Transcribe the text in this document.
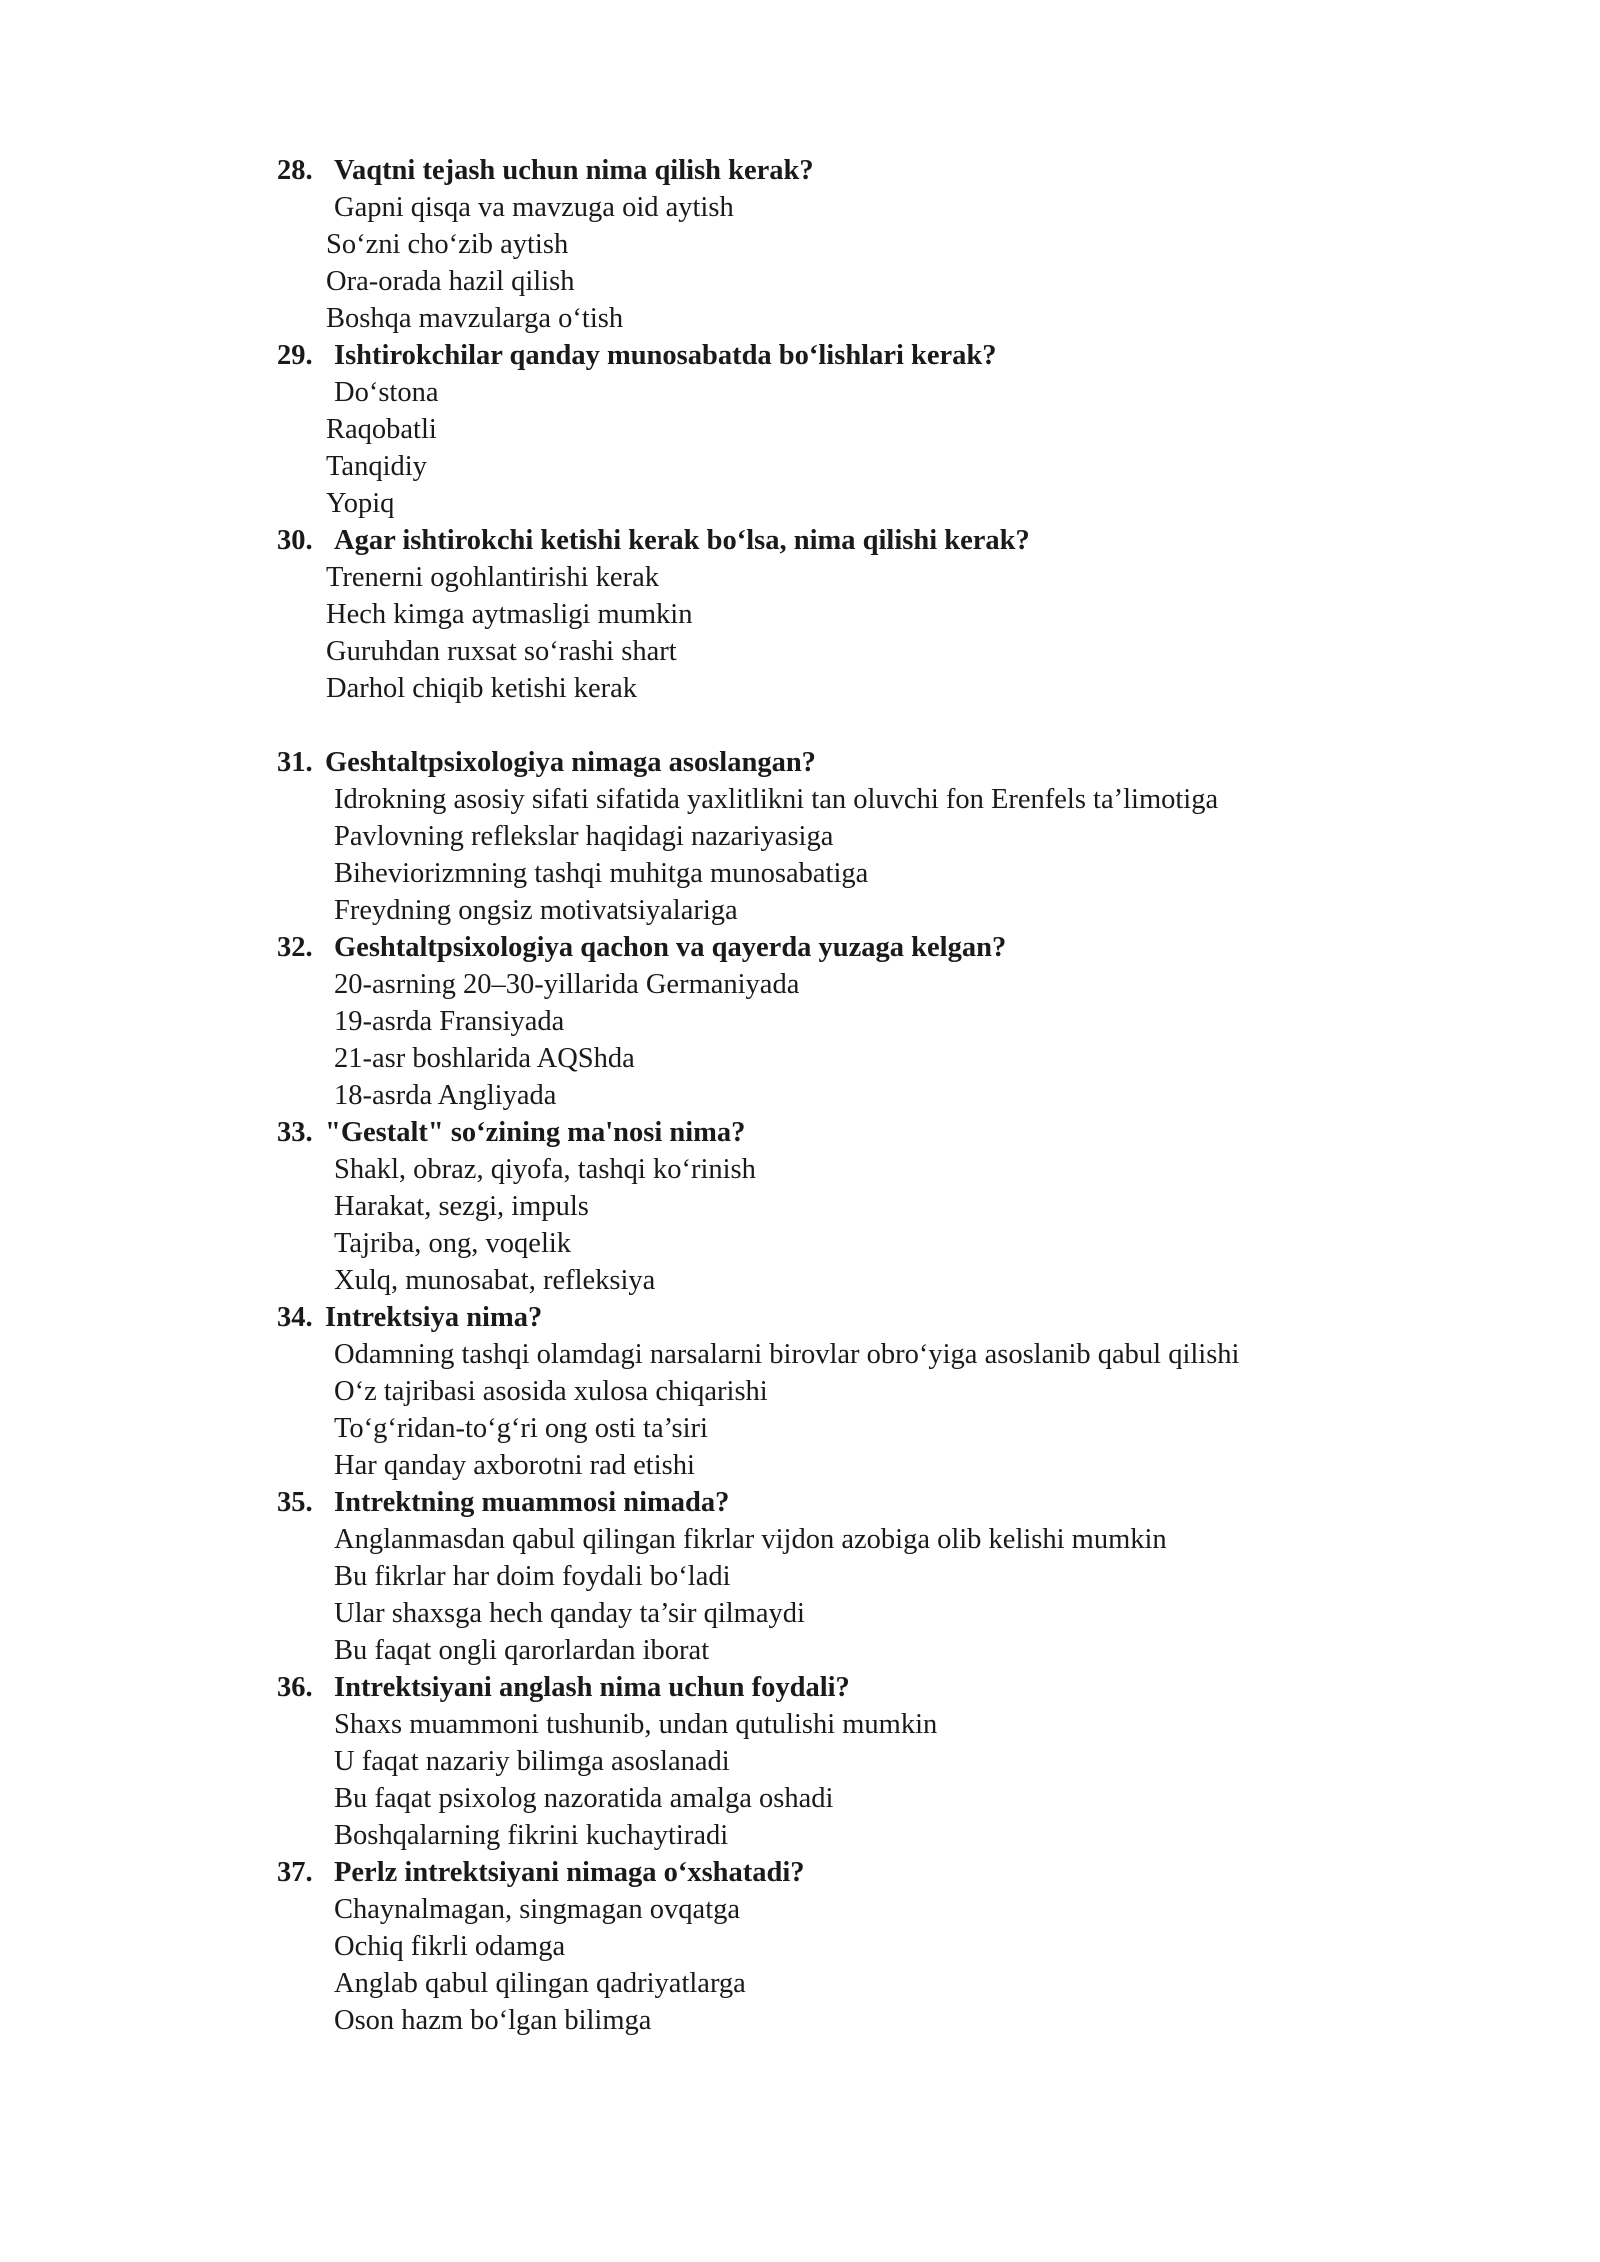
28. Vaqtni tejash uchun nima qilish kerak?
Gapni qisqa va mavzuga oid aytish
So‘zni cho‘zib aytish
Ora-orada hazil qilish
Boshqa mavzularga o‘tish
29. Ishtirokchilar qanday munosabatda bo‘lishlari kerak?
Do‘stona
Raqobatli
Tanqidiy
Yopiq
30. Agar ishtirokchi ketishi kerak bo‘lsa, nima qilishi kerak?
Trenerni ogohlantirishi kerak
Hech kimga aytmasligi mumkin
Guruhdan ruxsat so‘rashi shart
Darhol chiqib ketishi kerak
31. Geshtaltpsixologiya nimaga asoslangan?
Idrokning asosiy sifati sifatida yaxlitlikni tan oluvchi fon Erenfels ta’limotiga
Pavlovning reflekslar haqidagi nazariyasiga
Biheviorizmning tashqi muhitga munosabatiga
Freydning ongsiz motivatsiyalariga
32. Geshtaltpsixologiya qachon va qayerda yuzaga kelgan?
20-asrning 20–30-yillarida Germaniyada
19-asrda Fransiyada
21-asr boshlarida AQShda
18-asrda Angliyada
33. "Gestalt" so‘zining ma'nosi nima?
Shakl, obraz, qiyofa, tashqi ko‘rinish
Harakat, sezgi, impuls
Tajriba, ong, voqelik
Xulq, munosabat, refleksiya
34. Intrektsiya nima?
Odamning tashqi olamdagi narsalarni birovlar obro‘yiga asoslanib qabul qilishi
O‘z tajribasi asosida xulosa chiqarishi
To‘g‘ridan-to‘g‘ri ong osti ta’siri
Har qanday axborotni rad etishi
35. Intrektning muammosi nimada?
Anglanmasdan qabul qilingan fikrlar vijdon azobiga olib kelishi mumkin
Bu fikrlar har doim foydali bo‘ladi
Ular shaxsga hech qanday ta’sir qilmaydi
Bu faqat ongli qarorlardan iborat
36. Intrektsiyani anglash nima uchun foydali?
Shaxs muammoni tushunib, undan qutulishi mumkin
U faqat nazariy bilimga asoslanadi
Bu faqat psixolog nazoratida amalga oshadi
Boshqalarning fikrini kuchaytiradi
37. Perlz intrektsiyani nimaga o‘xshatadi?
Chaynalmagan, singmagan ovqatga
Ochiq fikrli odamga
Anglab qabul qilingan qadriyatlarga
Oson hazm bo‘lgan bilimga
